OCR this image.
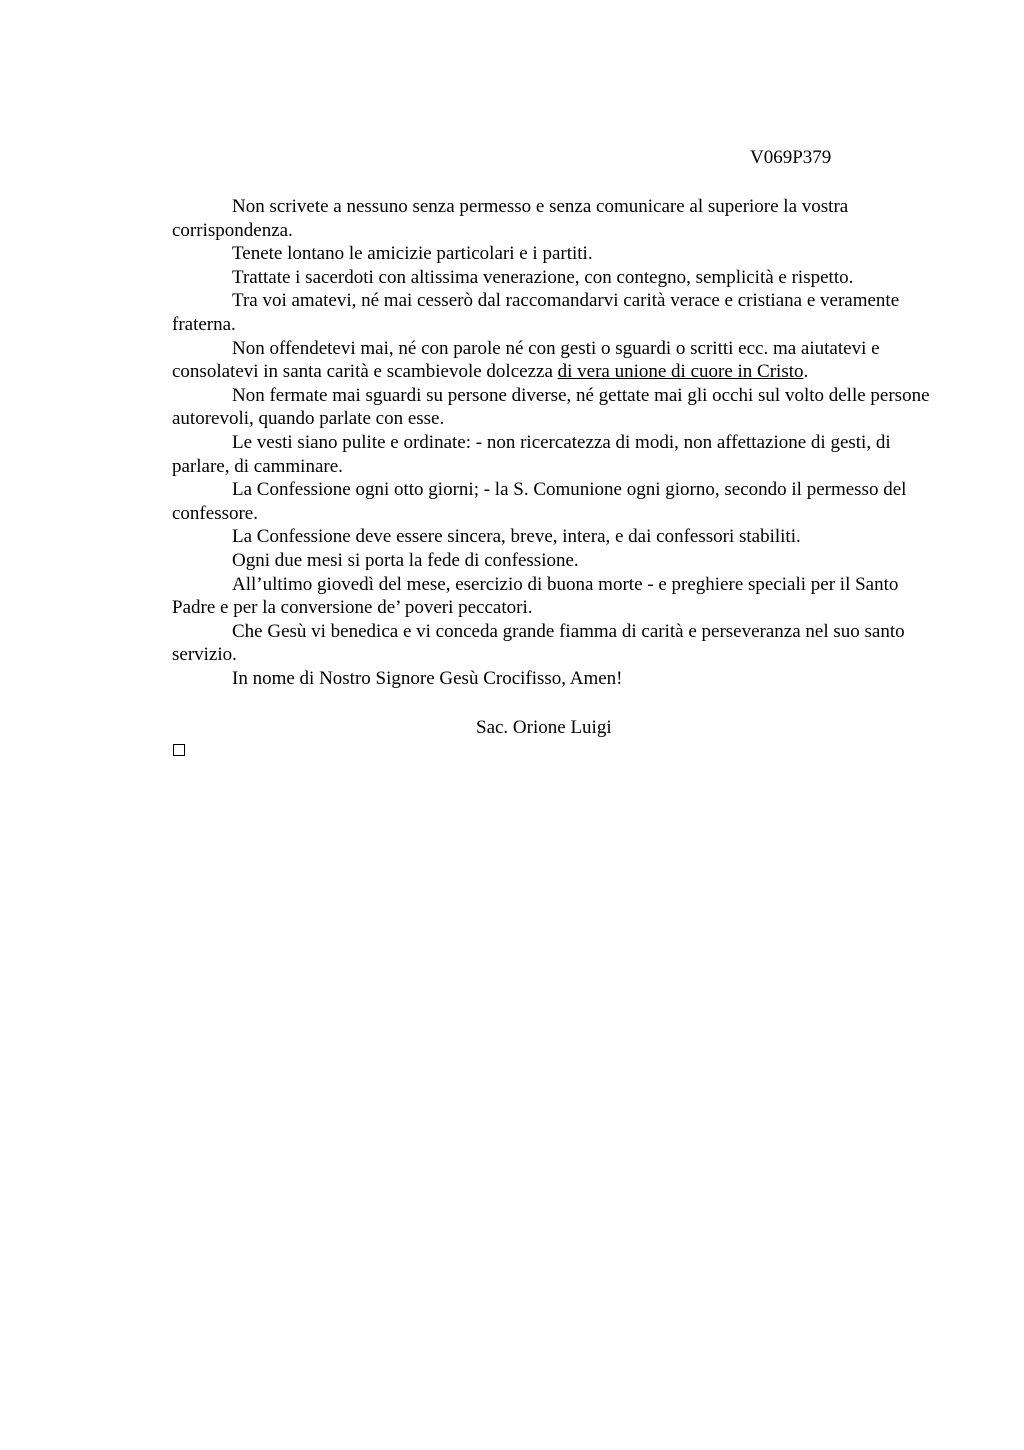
V069P379

Non scrivete a nessuno senza permesso e senza comunicare al superiore la vostra corrispondenza.

Tenete lontano le amicizie particolari e i partiti.

Trattate i sacerdoti con altissima venerazione, con contegno, semplicità e rispetto.

Tra voi amatevi, né mai cesserò dal raccomandarvi carità verace e cristiana e veramente fraterna.

Non offendetevi mai, né con parole né con gesti o sguardi o scritti ecc. ma aiutatevi e consolatevi in santa carità e scambievole dolcezza di vera unione di cuore in Cristo.

Non fermate mai sguardi su persone diverse, né gettate mai gli occhi sul volto delle persone autorevoli, quando parlate con esse.

Le vesti siano pulite e ordinate: - non ricercatezza di modi, non affettazione di gesti, di parlare, di camminare.

La Confessione ogni otto giorni; - la S. Comunione ogni giorno, secondo il permesso del confessore.

La Confessione deve essere sincera, breve, intera, e dai confessori stabiliti.

Ogni due mesi si porta la fede di confessione.

All’ultimo giovedì del mese, esercizio di buona morte - e preghiere speciali per il Santo Padre e per la conversione de’ poveri peccatori.

Che Gesù vi benedica e vi conceda grande fiamma di carità e perseveranza nel suo santo servizio.

In nome di Nostro Signore Gesù Crocifisso, Amen!

Sac. Orione Luigi
